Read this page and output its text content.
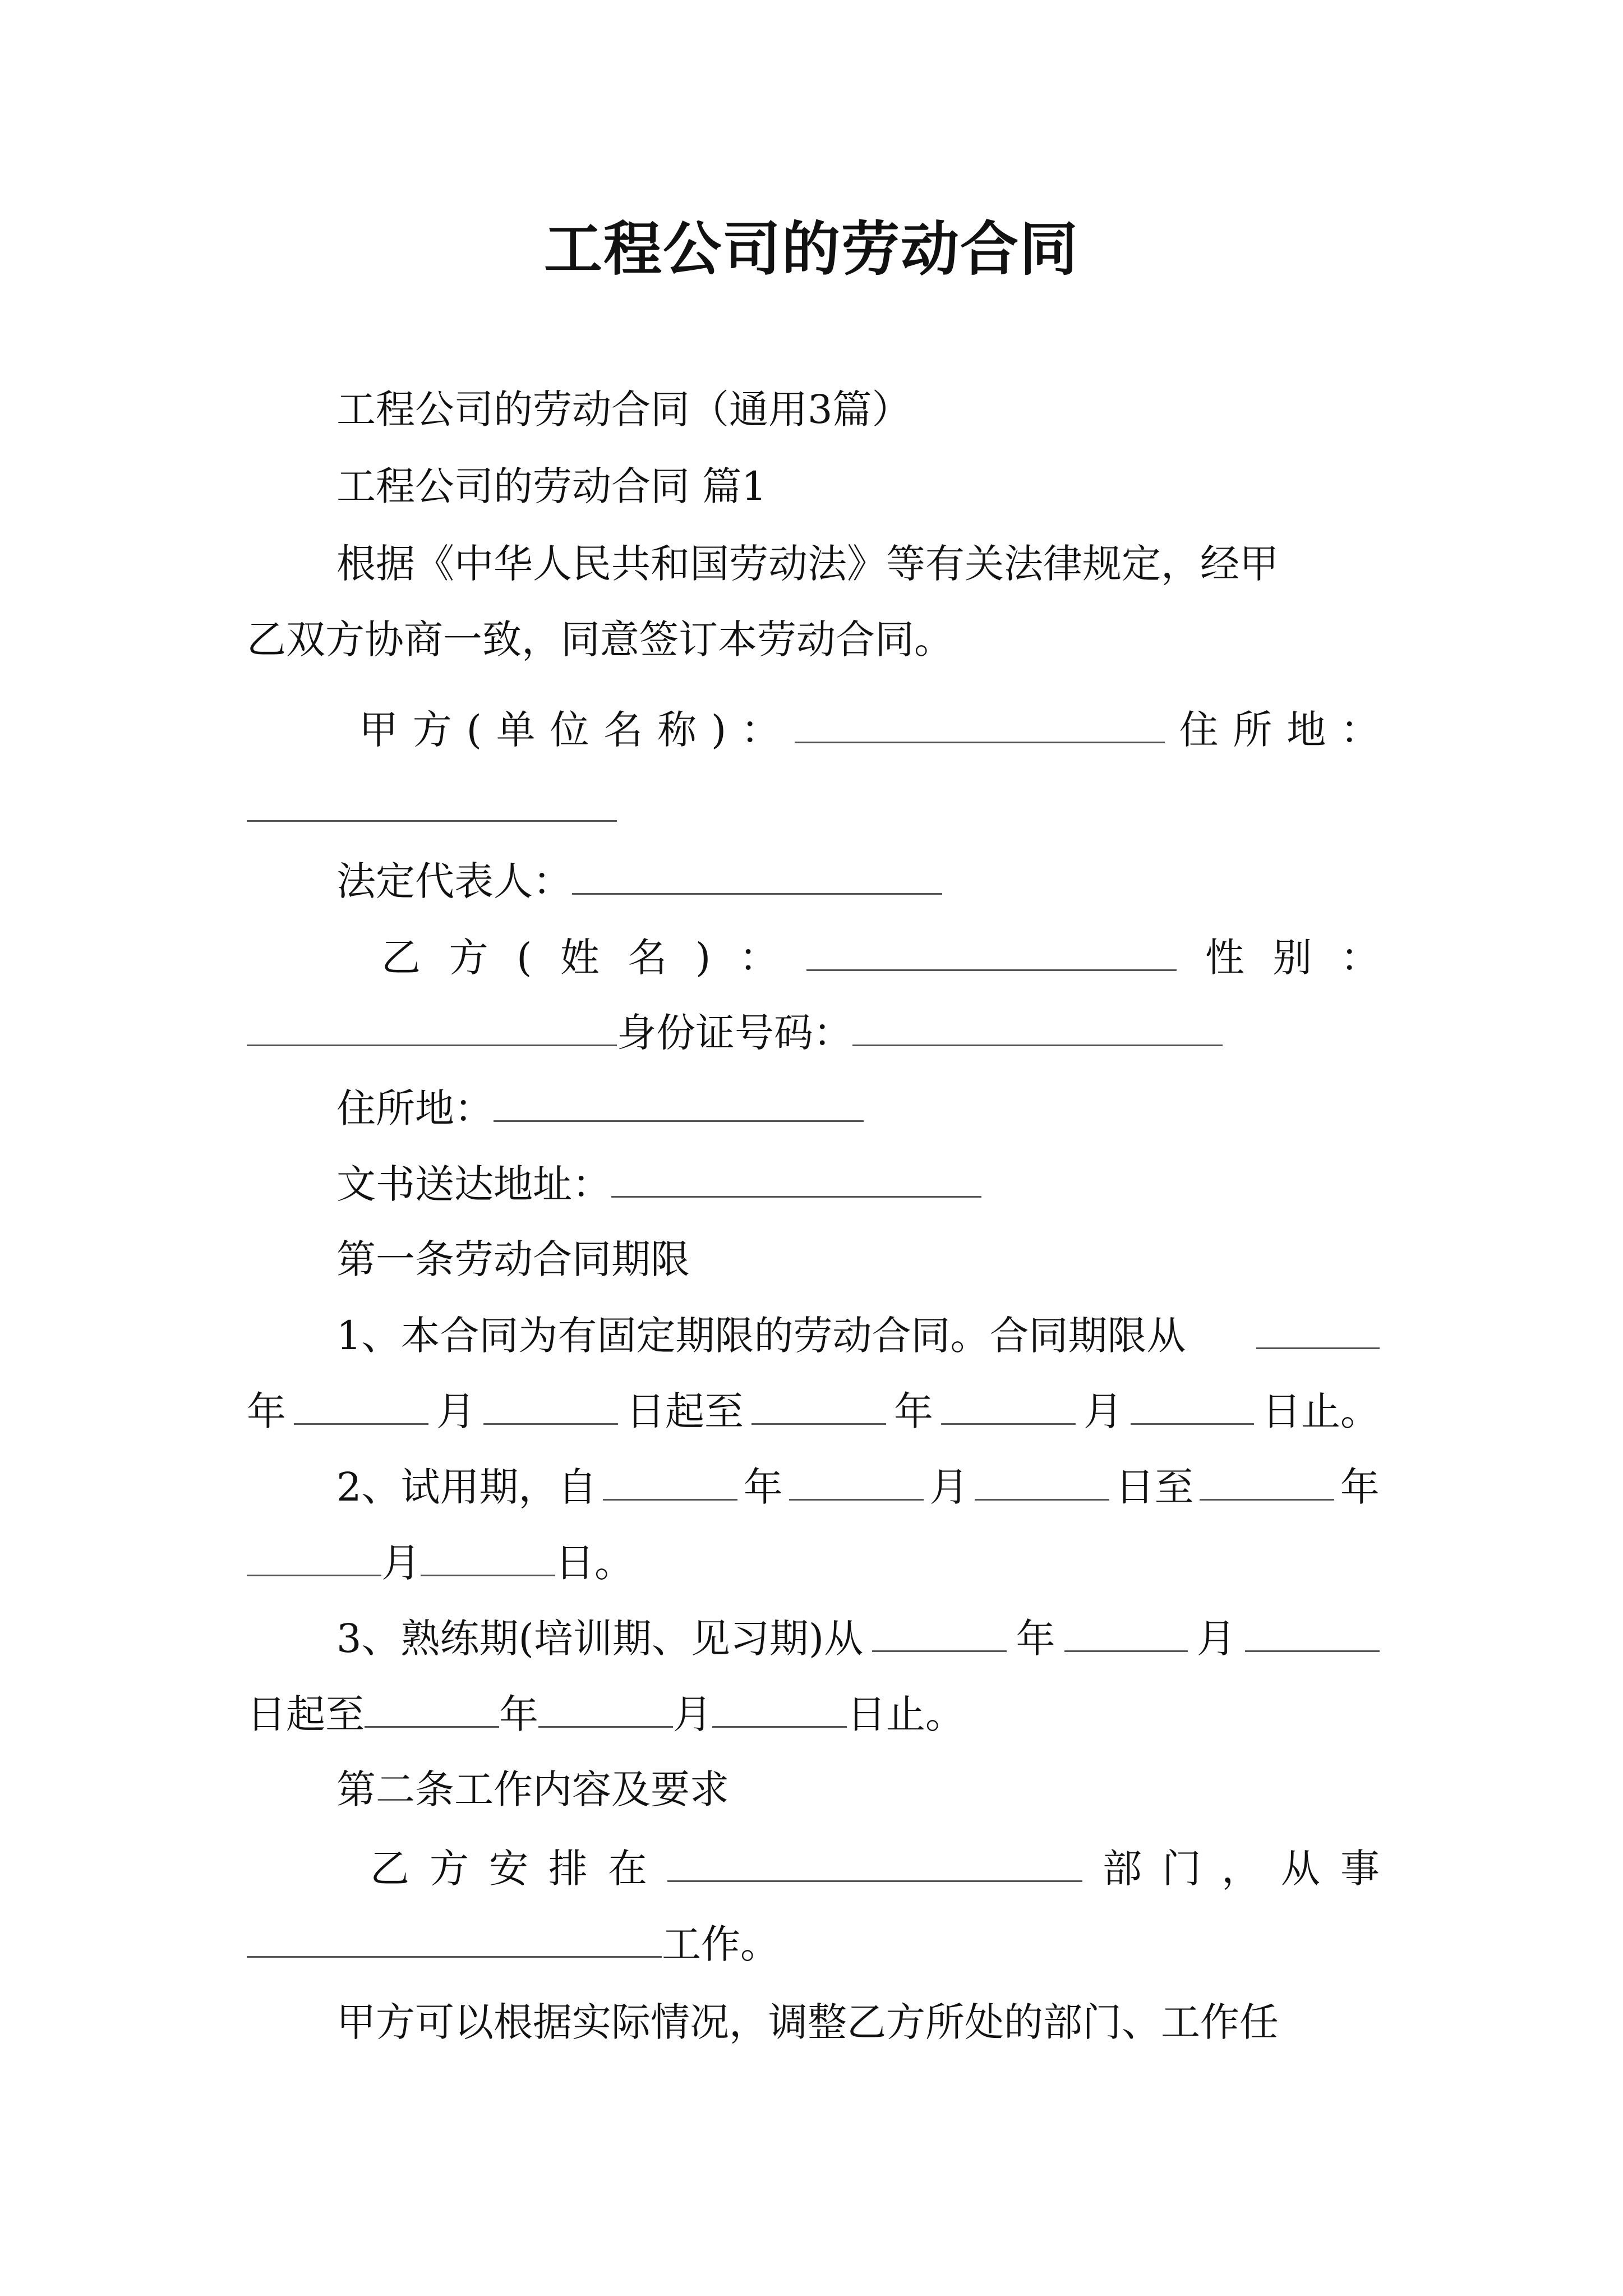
工程公司的劳动合同
工程公司的劳动合同（通用3篇）
工程公司的劳动合同 篇1
根据《中华人民共和国劳动法》等有关法律规定，经甲
乙双方协商一致，同意签订本劳动合同。
甲 方 ( 单 位 名 称 ) ：	住 所 地 ：
法定代表人：
乙 方 ( 姓 名 ) ：	性 别 ：
身份证号码：
住所地：
文书送达地址：
第一条劳动合同期限
1、本合同为有固定期限的劳动合同。合同期限从
年	月	日起至	年	月	日止。
2、试用期，自	年	月	日至	年
月	日。
3、熟练期(培训期、见习期)从	年	月
日起至	年	月	日止。
第二条工作内容及要求
乙 方 安 排 在	部 门 ， 从 事
工作。
甲方可以根据实际情况，调整乙方所处的部门、工作任
